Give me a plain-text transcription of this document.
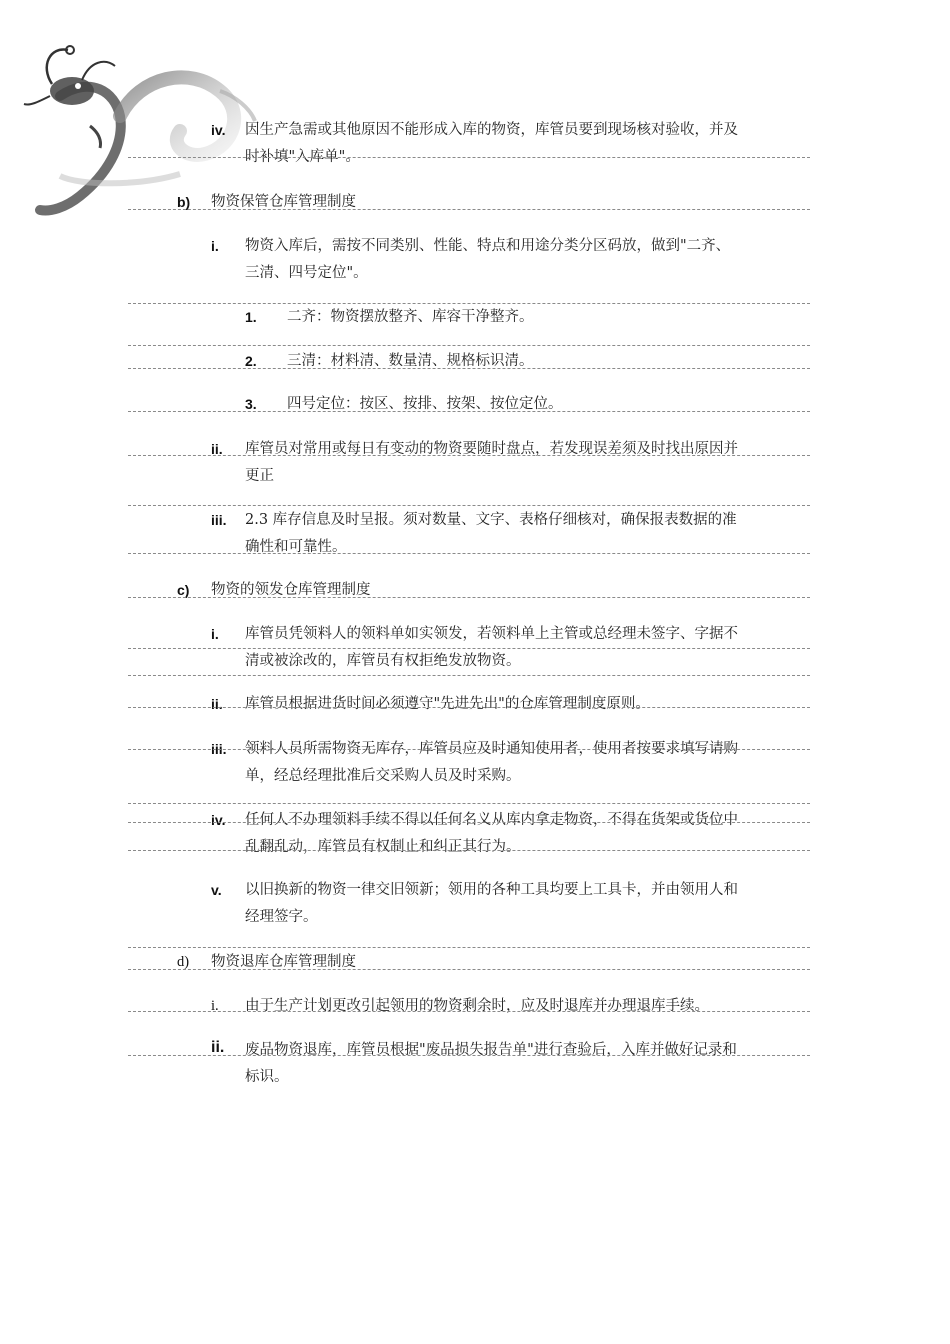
iv. 因生产急需或其他原因不能形成入库的物资，库管员要到现场核对验收，并及
时补填"入库单"。
b) 物资保管仓库管理制度
i. 物资入库后，需按不同类别、性能、特点和用途分类分区码放，做到"二齐、
三清、四号定位"。
1. 二齐：物资摆放整齐、库容干净整齐。
2. 三清：材料清、数量清、规格标识清。
3. 四号定位：按区、按排、按架、按位定位。
ii. 库管员对常用或每日有变动的物资要随时盘点，若发现误差须及时找出原因并
更正
iii. 2.3 库存信息及时呈报。须对数量、文字、表格仔细核对，确保报表数据的准
确性和可靠性。
c) 物资的领发仓库管理制度
i. 库管员凭领料人的领料单如实领发，若领料单上主管或总经理未签字、字据不
清或被涂改的，库管员有权拒绝发放物资。
ii. 库管员根据进货时间必须遵守"先进先出"的仓库管理制度原则。
iii. 领料人员所需物资无库存，库管员应及时通知使用者，使用者按要求填写请购
单，经总经理批准后交采购人员及时采购。
iv. 任何人不办理领料手续不得以任何名义从库内拿走物资，不得在货架或货位中
乱翻乱动，库管员有权制止和纠正其行为。
v. 以旧换新的物资一律交旧领新；领用的各种工具均要上工具卡，并由领用人和
经理签字。
d) 物资退库仓库管理制度
i. 由于生产计划更改引起领用的物资剩余时，应及时退库并办理退库手续。
ii. 废品物资退库，库管员根据"废品损失报告单"进行查验后，入库并做好记录和
标识。
